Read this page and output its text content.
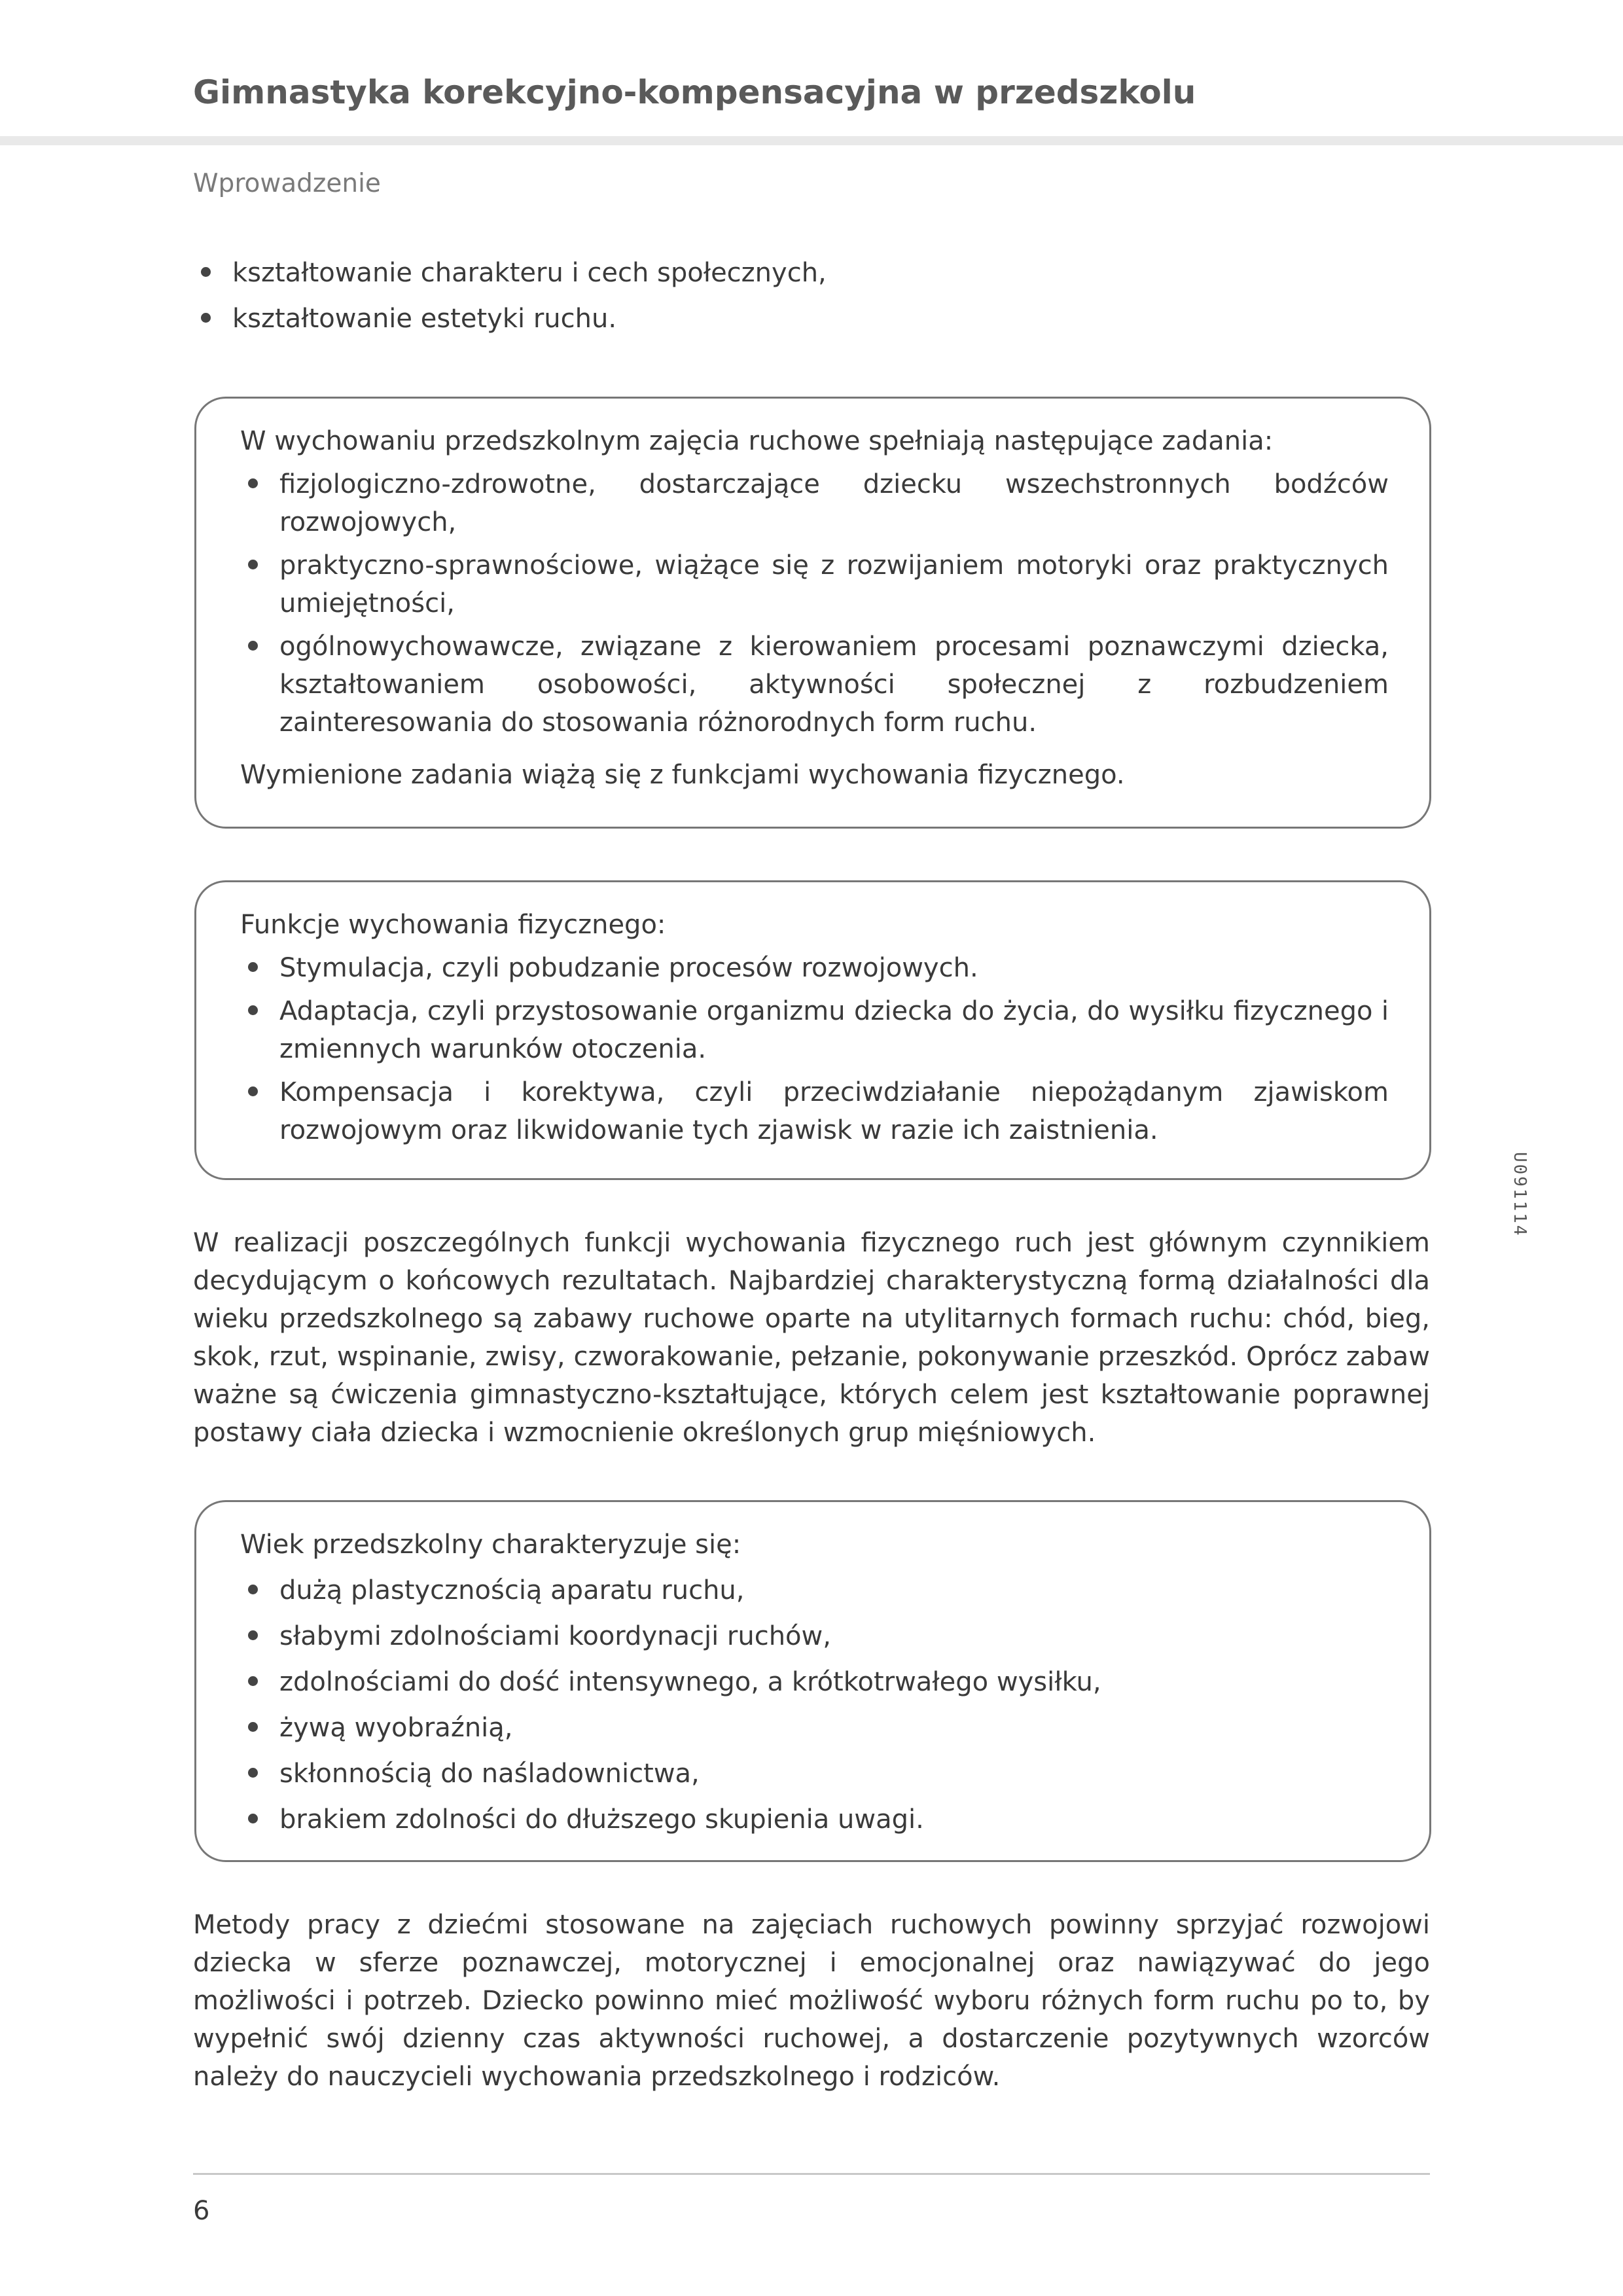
Gimnastyka korekcyjno-kompensacyjna w przedszkolu
Wprowadzenie
kształtowanie charakteru i cech społecznych,
kształtowanie estetyki ruchu.

W wychowaniu przedszkolnym zajęcia ruchowe spełniają następujące zadania:

fizjologiczno-zdrowotne, dostarczające dziecku wszechstronnych bodźców rozwojowych,
praktyczno-sprawnościowe, wiążące się z rozwijaniem motoryki oraz praktycznych umiejętności,
ogólnowychowawcze, związane z kierowaniem procesami poznawczymi dziecka, kształtowaniem osobowości, aktywności społecznej z rozbudzeniem zainteresowania do stosowania różnorodnych form ruchu.

Wymienione zadania wiążą się z funkcjami wychowania fizycznego.

Funkcje wychowania fizycznego:

Stymulacja, czyli pobudzanie procesów rozwojowych.
Adaptacja, czyli przystosowanie organizmu dziecka do życia, do wysiłku fizycznego i zmiennych warunków otoczenia.
Kompensacja i korektywa, czyli przeciwdziałanie niepożądanym zjawiskom rozwojowym oraz likwidowanie tych zjawisk w razie ich zaistnienia.
U091114

W realizacji poszczególnych funkcji wychowania fizycznego ruch jest głównym czynnikiem decydującym o końcowych rezultatach. Najbardziej charakterystyczną formą działalności dla wieku przedszkolnego są zabawy ruchowe oparte na utylitarnych formach ruchu: chód, bieg, skok, rzut, wspinanie, zwisy, czworakowanie, pełzanie, pokonywanie przeszkód. Oprócz zabaw ważne są ćwiczenia gimnastyczno-kształtujące, których celem jest kształtowanie poprawnej postawy ciała dziecka i wzmocnienie określonych grup mięśniowych.

Wiek przedszkolny charakteryzuje się:

dużą plastycznością aparatu ruchu,
słabymi zdolnościami koordynacji ruchów,
zdolnościami do dość intensywnego, a krótkotrwałego wysiłku,
żywą wyobraźnią,
skłonnością do naśladownictwa,
brakiem zdolności do dłuższego skupienia uwagi.

Metody pracy z dziećmi stosowane na zajęciach ruchowych powinny sprzyjać rozwojowi dziecka w sferze poznawczej, motorycznej i emocjonalnej oraz nawiązywać do jego możliwości i potrzeb. Dziecko powinno mieć możliwość wyboru różnych form ruchu po to, by wypełnić swój dzienny czas aktywności ruchowej, a dostarczenie pozytywnych wzorców należy do nauczycieli wychowania przedszkolnego i rodziców.

6
